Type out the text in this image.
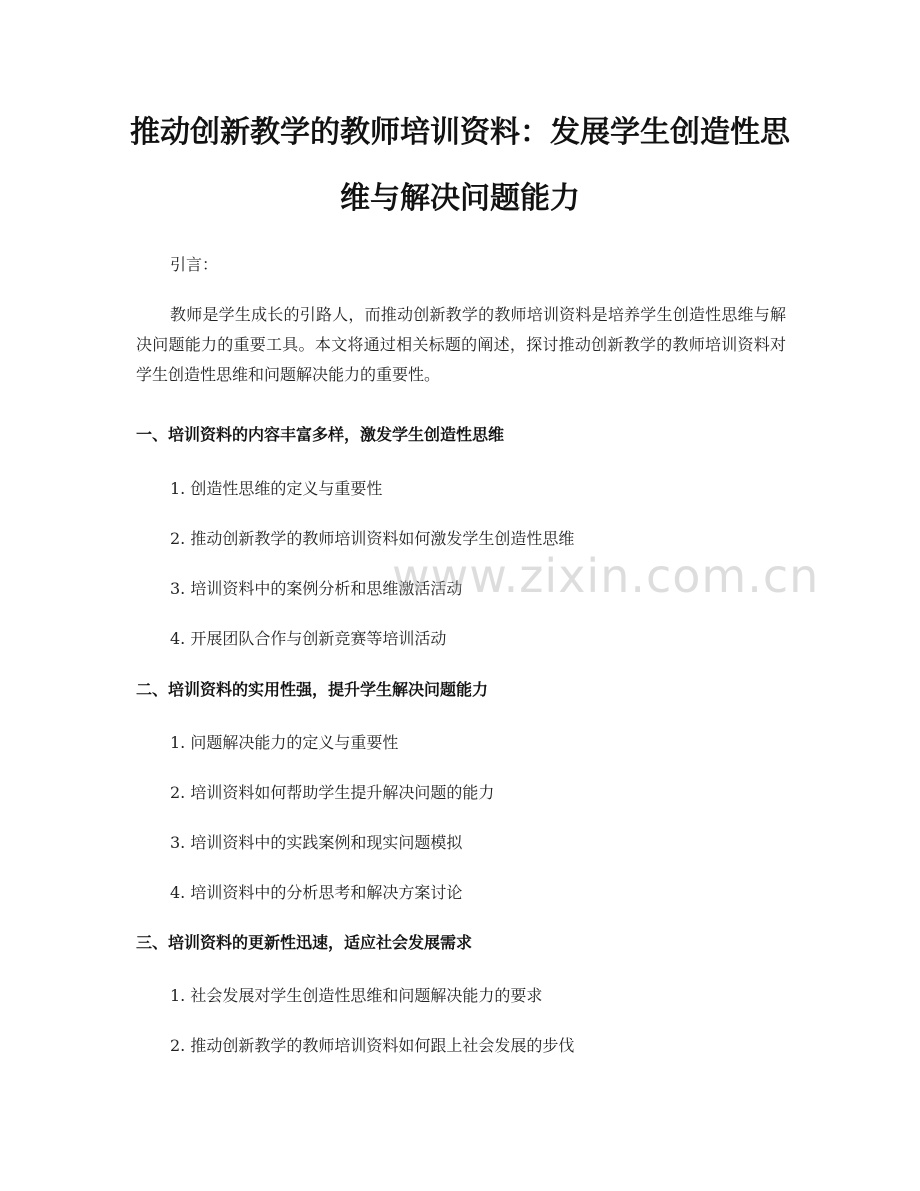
推动创新教学的教师培训资料：发展学生创造性思维与解决问题能力

引言：

教师是学生成长的引路人，而推动创新教学的教师培训资料是培养学生创造性思维与解决问题能力的重要工具。本文将通过相关标题的阐述，探讨推动创新教学的教师培训资料对学生创造性思维和问题解决能力的重要性。

一、培训资料的内容丰富多样，激发学生创造性思维

1. 创造性思维的定义与重要性

2. 推动创新教学的教师培训资料如何激发学生创造性思维

3. 培训资料中的案例分析和思维激活活动

4. 开展团队合作与创新竞赛等培训活动

二、培训资料的实用性强，提升学生解决问题能力

1. 问题解决能力的定义与重要性

2. 培训资料如何帮助学生提升解决问题的能力

3. 培训资料中的实践案例和现实问题模拟

4. 培训资料中的分析思考和解决方案讨论

三、培训资料的更新性迅速，适应社会发展需求

1. 社会发展对学生创造性思维和问题解决能力的要求

2. 推动创新教学的教师培训资料如何跟上社会发展的步伐

www.zixin.com.cn
